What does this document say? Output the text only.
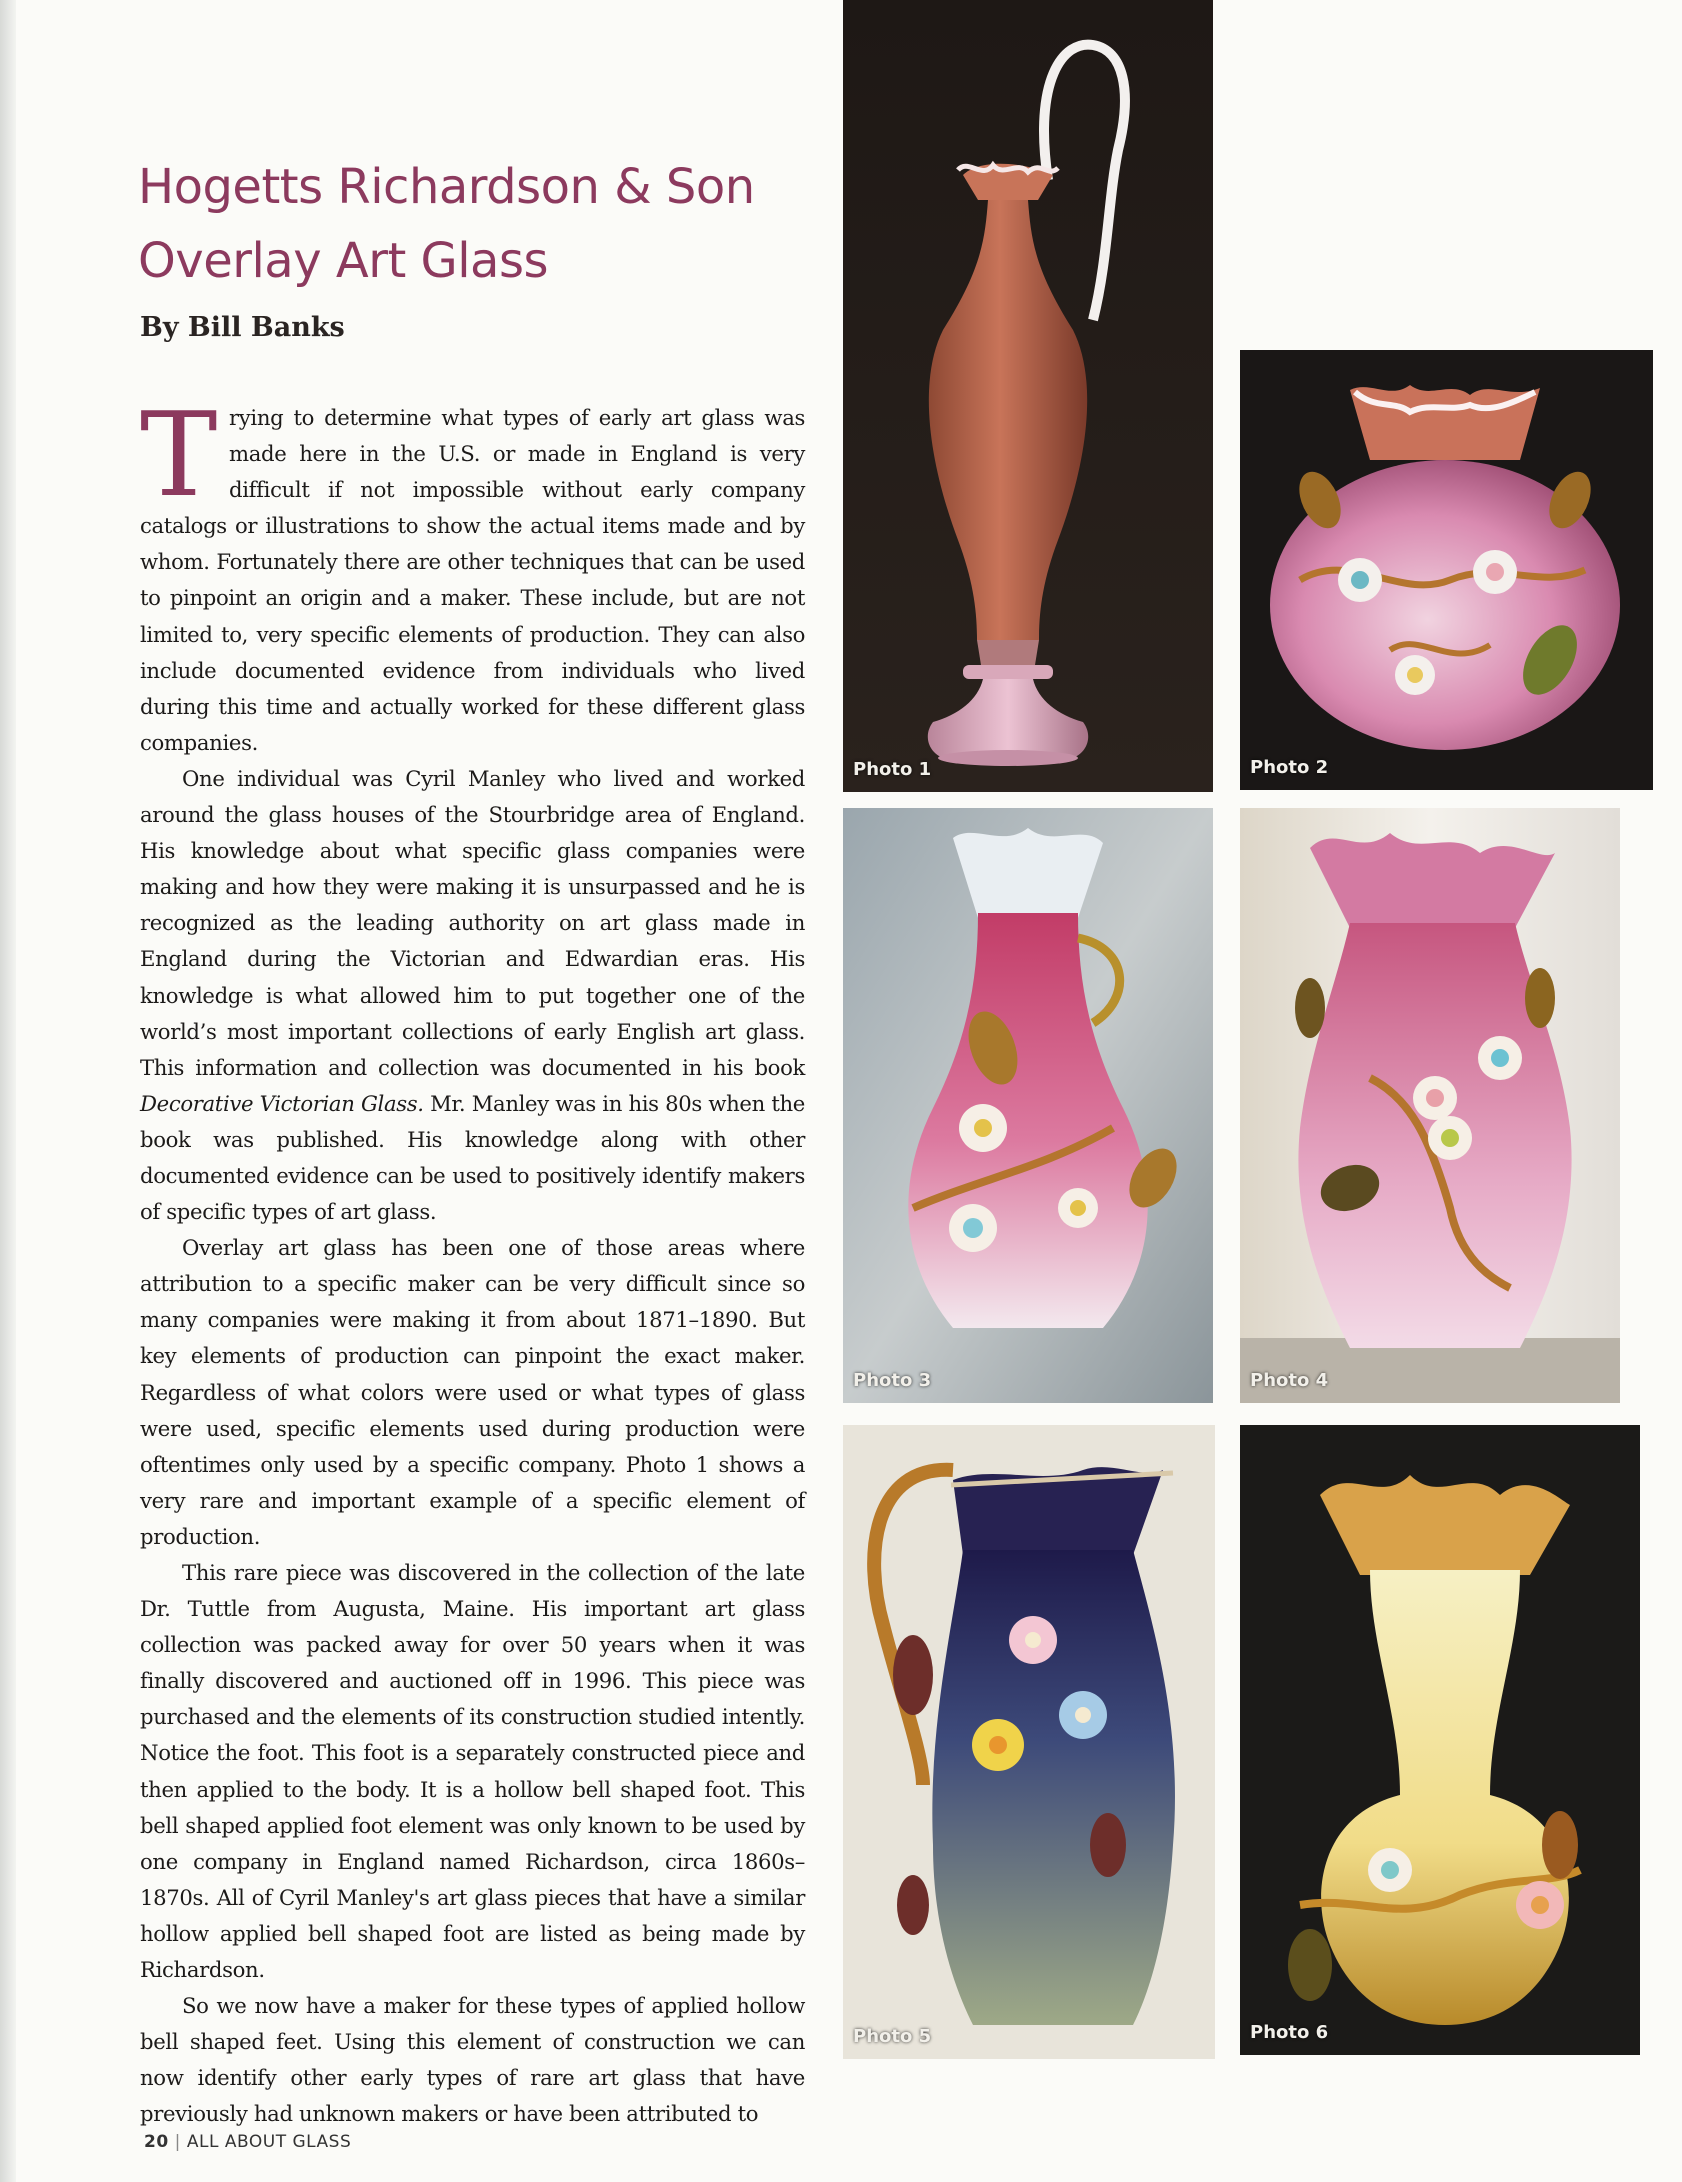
Hogetts Richardson & Son
Overlay Art Glass
By Bill Banks

Trying to determine what types of early art glass was made here in the U.S. or made in England is very difficult if not impossible without early company catalogs or illustrations to show the actual items made and by whom. Fortunately there are other techniques that can be used to pinpoint an origin and a maker. These include, but are not limited to, very specific elements of production. They can also include documented evidence from individuals who lived during this time and actually worked for these different glass companies.

One individual was Cyril Manley who lived and worked around the glass houses of the Stourbridge area of England. His knowledge about what specific glass companies were making and how they were making it is unsurpassed and he is recognized as the leading authority on art glass made in England during the Victorian and Edwardian eras. His knowledge is what allowed him to put together one of the world’s most important collections of early English art glass. This information and collection was documented in his book Decorative Victorian Glass. Mr. Manley was in his 80s when the book was published. His knowledge along with other documented evidence can be used to positively identify makers of specific types of art glass.

Overlay art glass has been one of those areas where attribution to a specific maker can be very difficult since so many companies were making it from about 1871–1890. But key elements of production can pinpoint the exact maker. Regardless of what colors were used or what types of glass were used, specific elements used during production were oftentimes only used by a specific company. Photo 1 shows a very rare and important example of a specific element of production.

This rare piece was discovered in the collection of the late Dr. Tuttle from Augusta, Maine. His important art glass collection was packed away for over 50 years when it was finally discovered and auctioned off in 1996. This piece was purchased and the elements of its construction studied intently. Notice the foot. This foot is a separately constructed piece and then applied to the body. It is a hollow bell shaped foot. This bell shaped applied foot element was only known to be used by one company in England named Richardson, circa 1860s–1870s. All of Cyril Manley's art glass pieces that have a similar hollow applied bell shaped foot are listed as being made by Richardson.

So we now have a maker for these types of applied hollow bell shaped feet. Using this element of construction we can now identify other early types of rare art glass that have previously had unknown makers or have been attributed to

Photo 1	Photo 2
Photo 3	Photo 4
Photo 5	Photo 6
20 | ALL ABOUT GLASS
